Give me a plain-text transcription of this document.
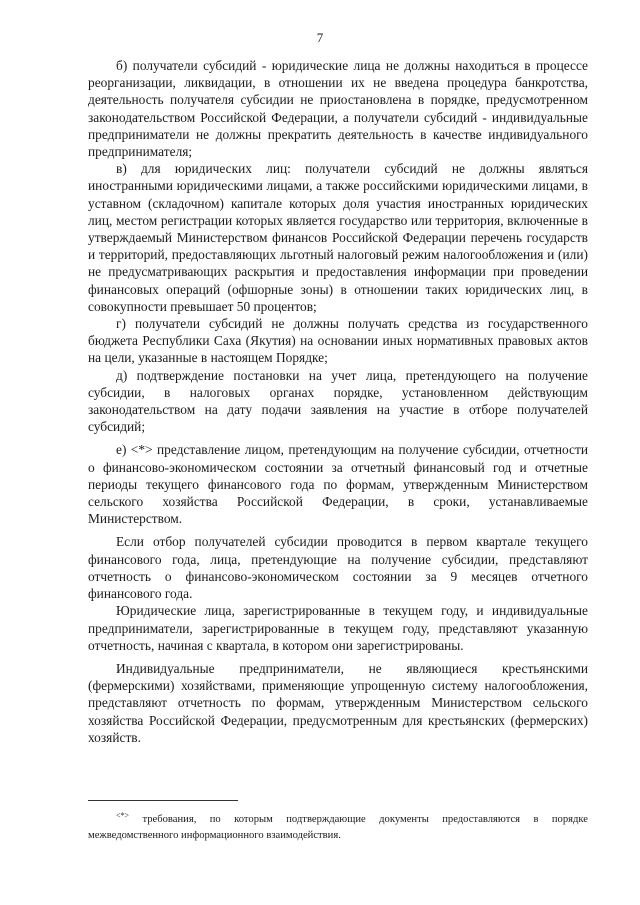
7

б) получатели субсидий - юридические лица не должны находиться в процессе реорганизации, ликвидации, в отношении их не введена процедура банкротства, деятельность получателя субсидии не приостановлена в порядке, предусмотренном законодательством Российской Федерации, а получатели субсидий - индивидуальные предприниматели не должны прекратить деятельность в качестве индивидуального предпринимателя;

в) для юридических лиц: получатели субсидий не должны являться иностранными юридическими лицами, а также российскими юридическими лицами, в уставном (складочном) капитале которых доля участия иностранных юридических лиц, местом регистрации которых является государство или территория, включенные в утверждаемый Министерством финансов Российской Федерации перечень государств и территорий, предоставляющих льготный налоговый режим налогообложения и (или) не предусматривающих раскрытия и предоставления информации при проведении финансовых операций (офшорные зоны) в отношении таких юридических лиц, в совокупности превышает 50 процентов;

г) получатели субсидий не должны получать средства из государственного бюджета Республики Саха (Якутия) на основании иных нормативных правовых актов на цели, указанные в настоящем Порядке;

д) подтверждение постановки на учет лица, претендующего на получение субсидии, в налоговых органах порядке, установленном действующим законодательством на дату подачи заявления на участие в отборе получателей субсидий;

е) <*> представление лицом, претендующим на получение субсидии, отчетности о финансово-экономическом состоянии за отчетный финансовый год и отчетные периоды текущего финансового года по формам, утвержденным Министерством сельского хозяйства Российской Федерации, в сроки, устанавливаемые Министерством.

Если отбор получателей субсидии проводится в первом квартале текущего финансового года, лица, претендующие на получение субсидии, представляют отчетность о финансово-экономическом состоянии за 9 месяцев отчетного финансового года.

Юридические лица, зарегистрированные в текущем году, и индивидуальные предприниматели, зарегистрированные в текущем году, представляют указанную отчетность, начиная с квартала, в котором они зарегистрированы.

Индивидуальные предприниматели, не являющиеся крестьянскими (фермерскими) хозяйствами, применяющие упрощенную систему налогообложения, представляют отчетность по формам, утвержденным Министерством сельского хозяйства Российской Федерации, предусмотренным для крестьянских (фермерских) хозяйств.

<*> требования, по которым подтверждающие документы предоставляются в порядке межведомственного информационного взаимодействия.
